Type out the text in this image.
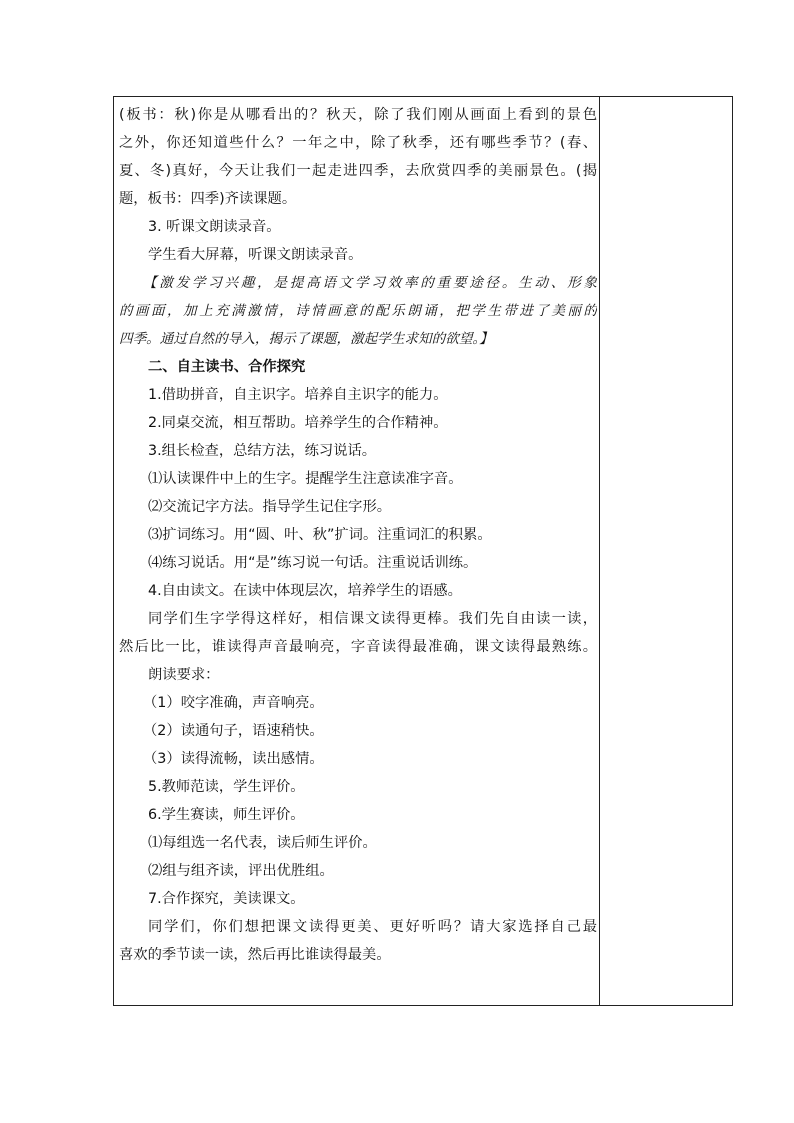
(板书：秋)你是从哪看出的？秋天，除了我们刚从画面上看到的景色
之外，你还知道些什么？一年之中，除了秋季，还有哪些季节？(春、
夏、冬)真好，今天让我们一起走进四季，去欣赏四季的美丽景色。(揭
题，板书：四季)齐读课题。
3. 听课文朗读录音。
学生看大屏幕，听课文朗读录音。
【激发学习兴趣，是提高语文学习效率的重要途径。生动、形象
的画面，加上充满激情，诗情画意的配乐朗诵，把学生带进了美丽的
四季。通过自然的导入，揭示了课题，激起学生求知的欲望。】
二、自主读书、合作探究
1.借助拼音，自主识字。培养自主识字的能力。
2.同桌交流，相互帮助。培养学生的合作精神。
3.组长检查，总结方法，练习说话。
⑴认读课件中上的生字。提醒学生注意读准字音。
⑵交流记字方法。指导学生记住字形。
⑶扩词练习。用“圆、叶、秋”扩词。注重词汇的积累。
⑷练习说话。用“是”练习说一句话。注重说话训练。
4.自由读文。在读中体现层次，培养学生的语感。
同学们生字学得这样好，相信课文读得更棒。我们先自由读一读，
然后比一比，谁读得声音最响亮，字音读得最准确，课文读得最熟练。
朗读要求：
（1）咬字准确，声音响亮。
（2）读通句子，语速稍快。
（3）读得流畅，读出感情。
5.教师范读，学生评价。
6.学生赛读，师生评价。
⑴每组选一名代表，读后师生评价。
⑵组与组齐读，评出优胜组。
7.合作探究，美读课文。
同学们，你们想把课文读得更美、更好听吗？请大家选择自己最
喜欢的季节读一读，然后再比谁读得最美。
